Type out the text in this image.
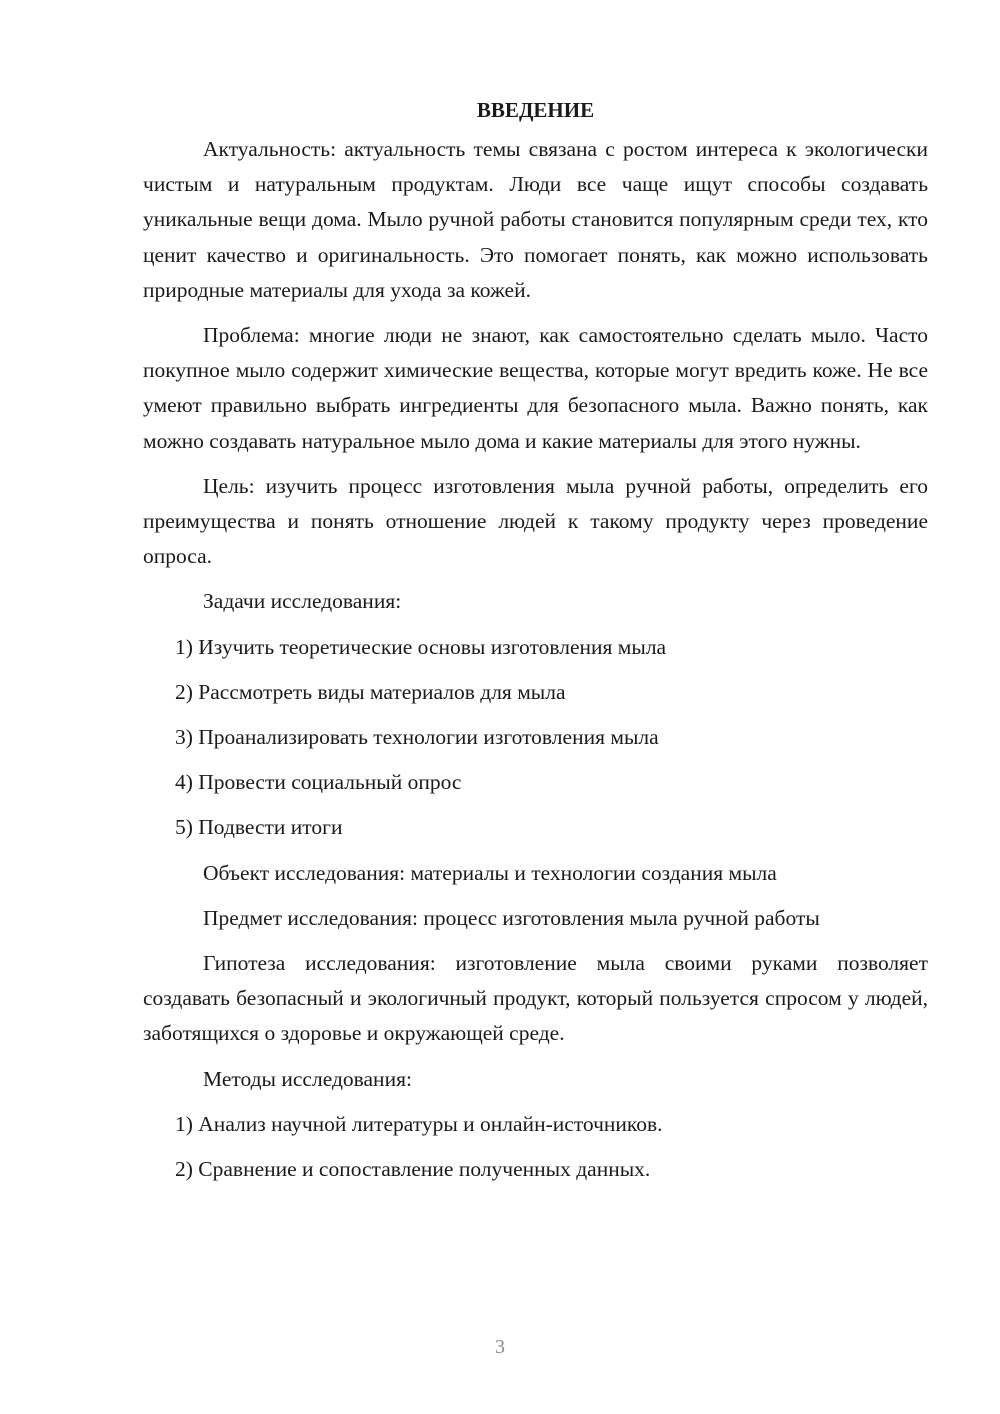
ВВЕДЕНИЕ

Актуальность: актуальность темы связана с ростом интереса к экологически чистым и натуральным продуктам. Люди все чаще ищут способы создавать уникальные вещи дома. Мыло ручной работы становится популярным среди тех, кто ценит качество и оригинальность. Это помогает понять, как можно использовать природные материалы для ухода за кожей.

Проблема: многие люди не знают, как самостоятельно сделать мыло. Часто покупное мыло содержит химические вещества, которые могут вредить коже. Не все умеют правильно выбрать ингредиенты для безопасного мыла. Важно понять, как можно создавать натуральное мыло дома и какие материалы для этого нужны.

Цель: изучить процесс изготовления мыла ручной работы, определить его преимущества и понять отношение людей к такому продукту через проведение опроса.

Задачи исследования:

1) Изучить теоретические основы изготовления мыла

2) Рассмотреть виды материалов для мыла

3) Проанализировать технологии изготовления мыла

4) Провести социальный опрос

5) Подвести итоги

Объект исследования: материалы и технологии создания мыла

Предмет исследования: процесс изготовления мыла ручной работы

Гипотеза исследования: изготовление мыла своими руками позволяет создавать безопасный и экологичный продукт, который пользуется спросом у людей, заботящихся о здоровье и окружающей среде.

Методы исследования:

1) Анализ научной литературы и онлайн-источников.

2) Сравнение и сопоставление полученных данных.

3
